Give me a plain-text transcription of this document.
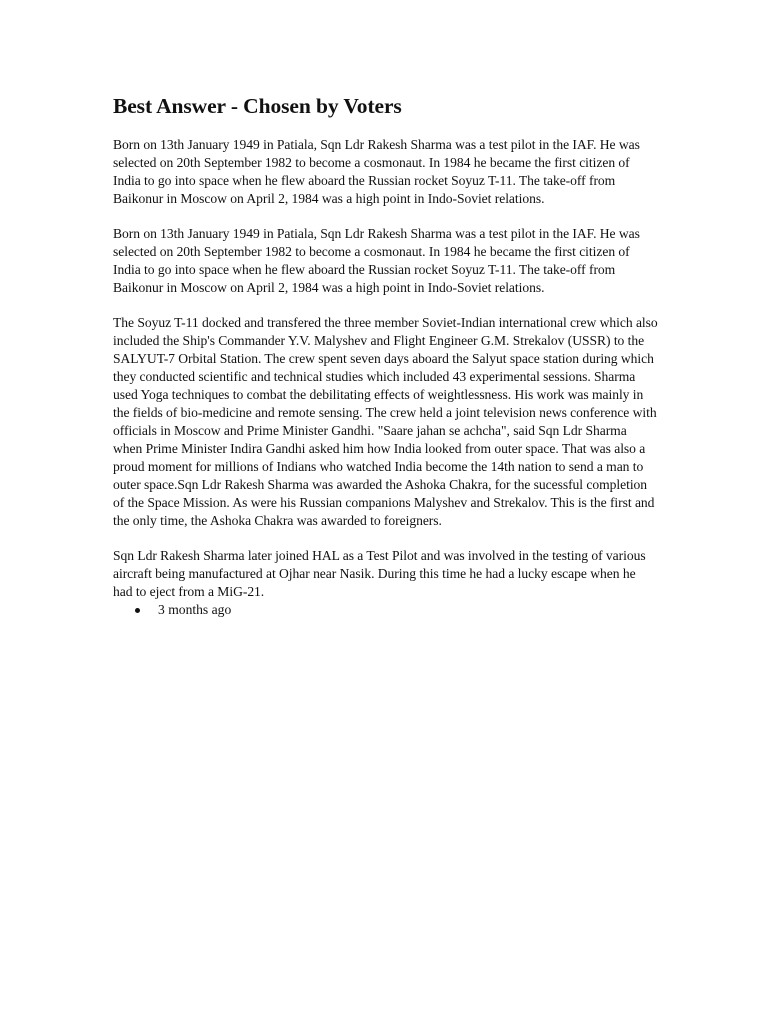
Best Answer - Chosen by Voters

Born on 13th January 1949 in Patiala, Sqn Ldr Rakesh Sharma was a test pilot in the IAF. He was selected on 20th September 1982 to become a cosmonaut. In 1984 he became the first citizen of India to go into space when he flew aboard the Russian rocket Soyuz T-11. The take-off from Baikonur in Moscow on April 2, 1984 was a high point in Indo-Soviet relations.

Born on 13th January 1949 in Patiala, Sqn Ldr Rakesh Sharma was a test pilot in the IAF. He was selected on 20th September 1982 to become a cosmonaut. In 1984 he became the first citizen of India to go into space when he flew aboard the Russian rocket Soyuz T-11. The take-off from Baikonur in Moscow on April 2, 1984 was a high point in Indo-Soviet relations.

The Soyuz T-11 docked and transfered the three member Soviet-Indian international crew which also included the Ship's Commander Y.V. Malyshev and Flight Engineer G.M. Strekalov (USSR) to the SALYUT-7 Orbital Station. The crew spent seven days aboard the Salyut space station during which they conducted scientific and technical studies which included 43 experimental sessions. Sharma used Yoga techniques to combat the debilitating effects of weightlessness. His work was mainly in the fields of bio-medicine and remote sensing. The crew held a joint television news conference with officials in Moscow and Prime Minister Gandhi. "Saare jahan se achcha", said Sqn Ldr Sharma when Prime Minister Indira Gandhi asked him how India looked from outer space. That was also a proud moment for millions of Indians who watched India become the 14th nation to send a man to outer space.Sqn Ldr Rakesh Sharma was awarded the Ashoka Chakra, for the sucessful completion of the Space Mission. As were his Russian companions Malyshev and Strekalov. This is the first and the only time, the Ashoka Chakra was awarded to foreigners.

Sqn Ldr Rakesh Sharma later joined HAL as a Test Pilot and was involved in the testing of various aircraft being manufactured at Ojhar near Nasik. During this time he had a lucky escape when he had to eject from a MiG-21.

3 months ago
